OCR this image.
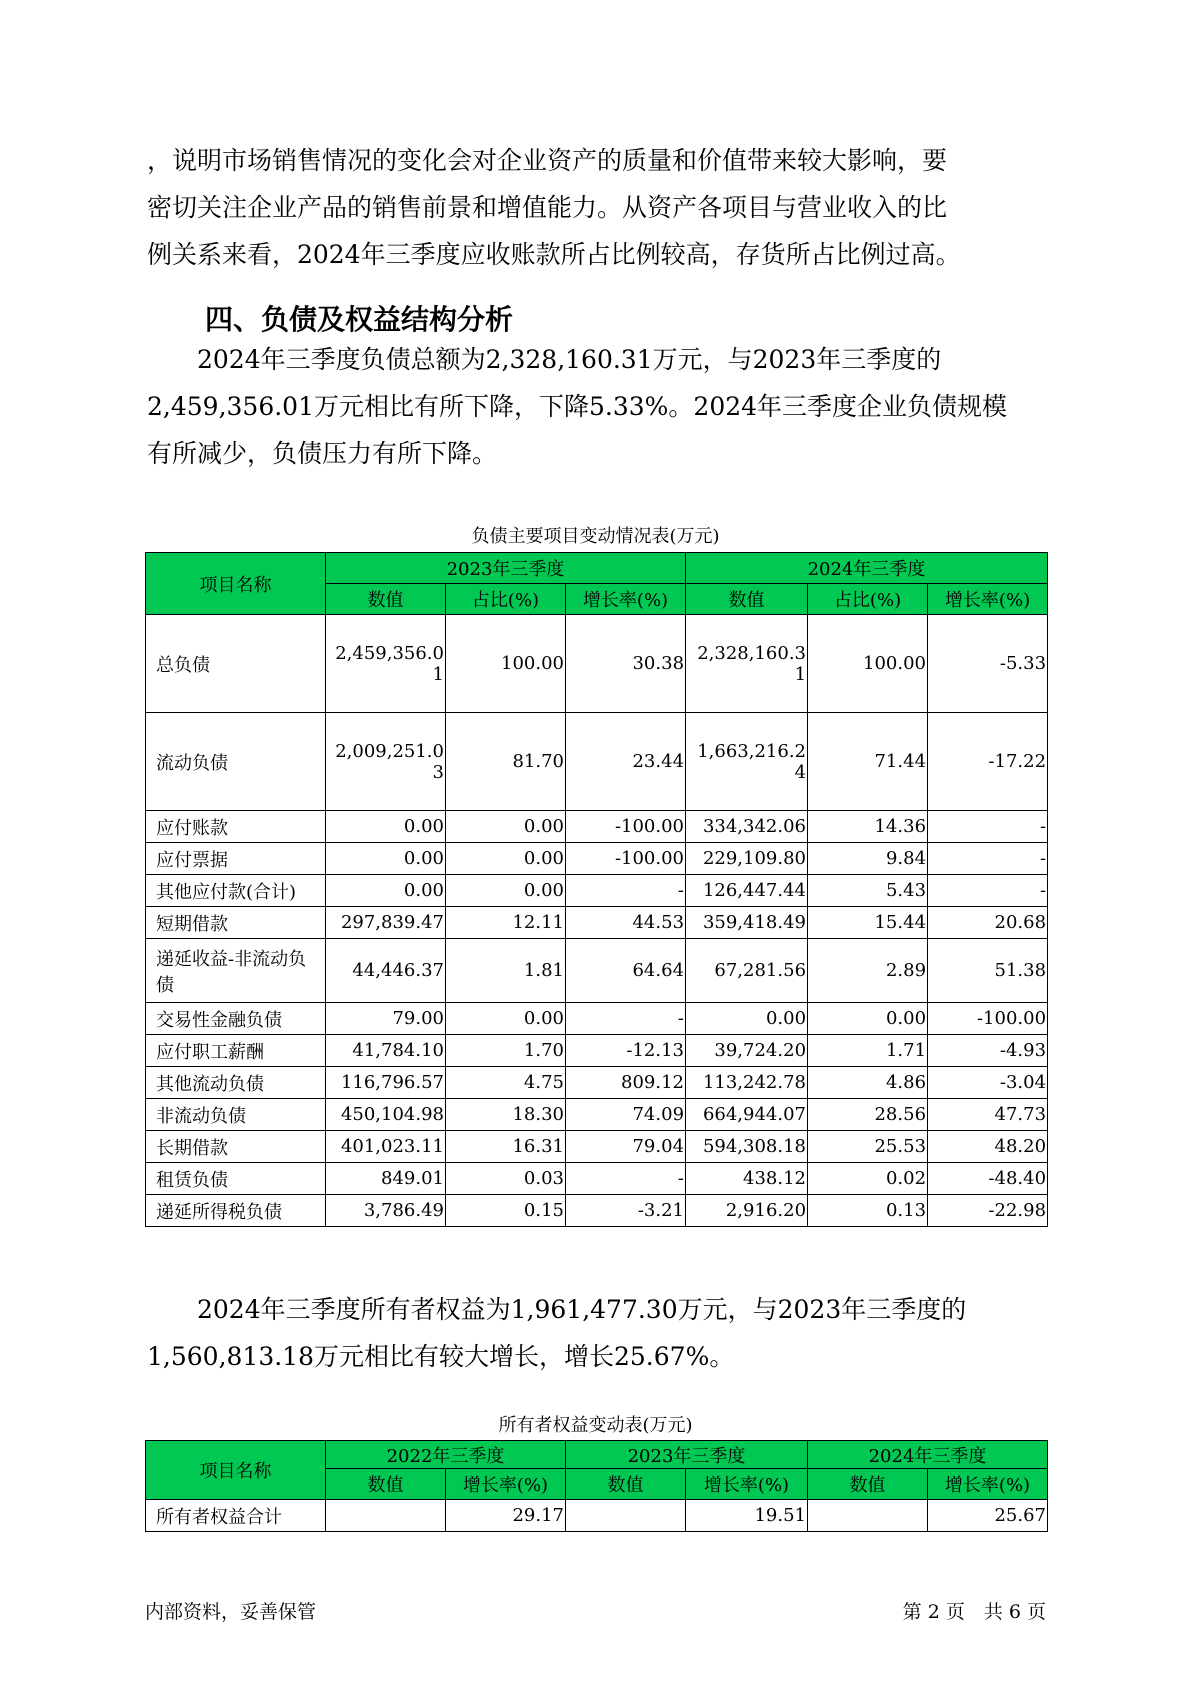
，说明市场销售情况的变化会对企业资产的质量和价值带来较大影响，要
密切关注企业产品的销售前景和增值能力。从资产各项目与营业收入的比
例关系来看，2024年三季度应收账款所占比例较高，存货所占比例过高。

四、负债及权益结构分析

　　2024年三季度负债总额为2,328,160.31万元，与2023年三季度的
2,459,356.01万元相比有所下降，下降5.33%。2024年三季度企业负债规模
有所减少，负债压力有所下降。

负债主要项目变动情况表(万元)
项目名称	2023年三季度			2024年三季度		
	数值	占比(%)	增长率(%)	数值	占比(%)	增长率(%)
总负债	2,459,356.01	100.00	30.38	2,328,160.31	100.00	-5.33
流动负债	2,009,251.03	81.70	23.44	1,663,216.24	71.44	-17.22
应付账款	0.00	0.00	-100.00	334,342.06	14.36	-
应付票据	0.00	0.00	-100.00	229,109.80	9.84	-
其他应付款(合计)	0.00	0.00	-	126,447.44	5.43	-
短期借款	297,839.47	12.11	44.53	359,418.49	15.44	20.68
递延收益-非流动负债	44,446.37	1.81	64.64	67,281.56	2.89	51.38
交易性金融负债	79.00	0.00	-	0.00	0.00	-100.00
应付职工薪酬	41,784.10	1.70	-12.13	39,724.20	1.71	-4.93
其他流动负债	116,796.57	4.75	809.12	113,242.78	4.86	-3.04
非流动负债	450,104.98	18.30	74.09	664,944.07	28.56	47.73
长期借款	401,023.11	16.31	79.04	594,308.18	25.53	48.20
租赁负债	849.01	0.03	-	438.12	0.02	-48.40
递延所得税负债	3,786.49	0.15	-3.21	2,916.20	0.13	-22.98

　　2024年三季度所有者权益为1,961,477.30万元，与2023年三季度的
1,560,813.18万元相比有较大增长，增长25.67%。

所有者权益变动表(万元)
项目名称	2022年三季度		2023年三季度		2024年三季度	
	数值	增长率(%)	数值	增长率(%)	数值	增长率(%)
所有者权益合计		29.17		19.51		25.67
内部资料，妥善保管	第 2 页　共 6 页
